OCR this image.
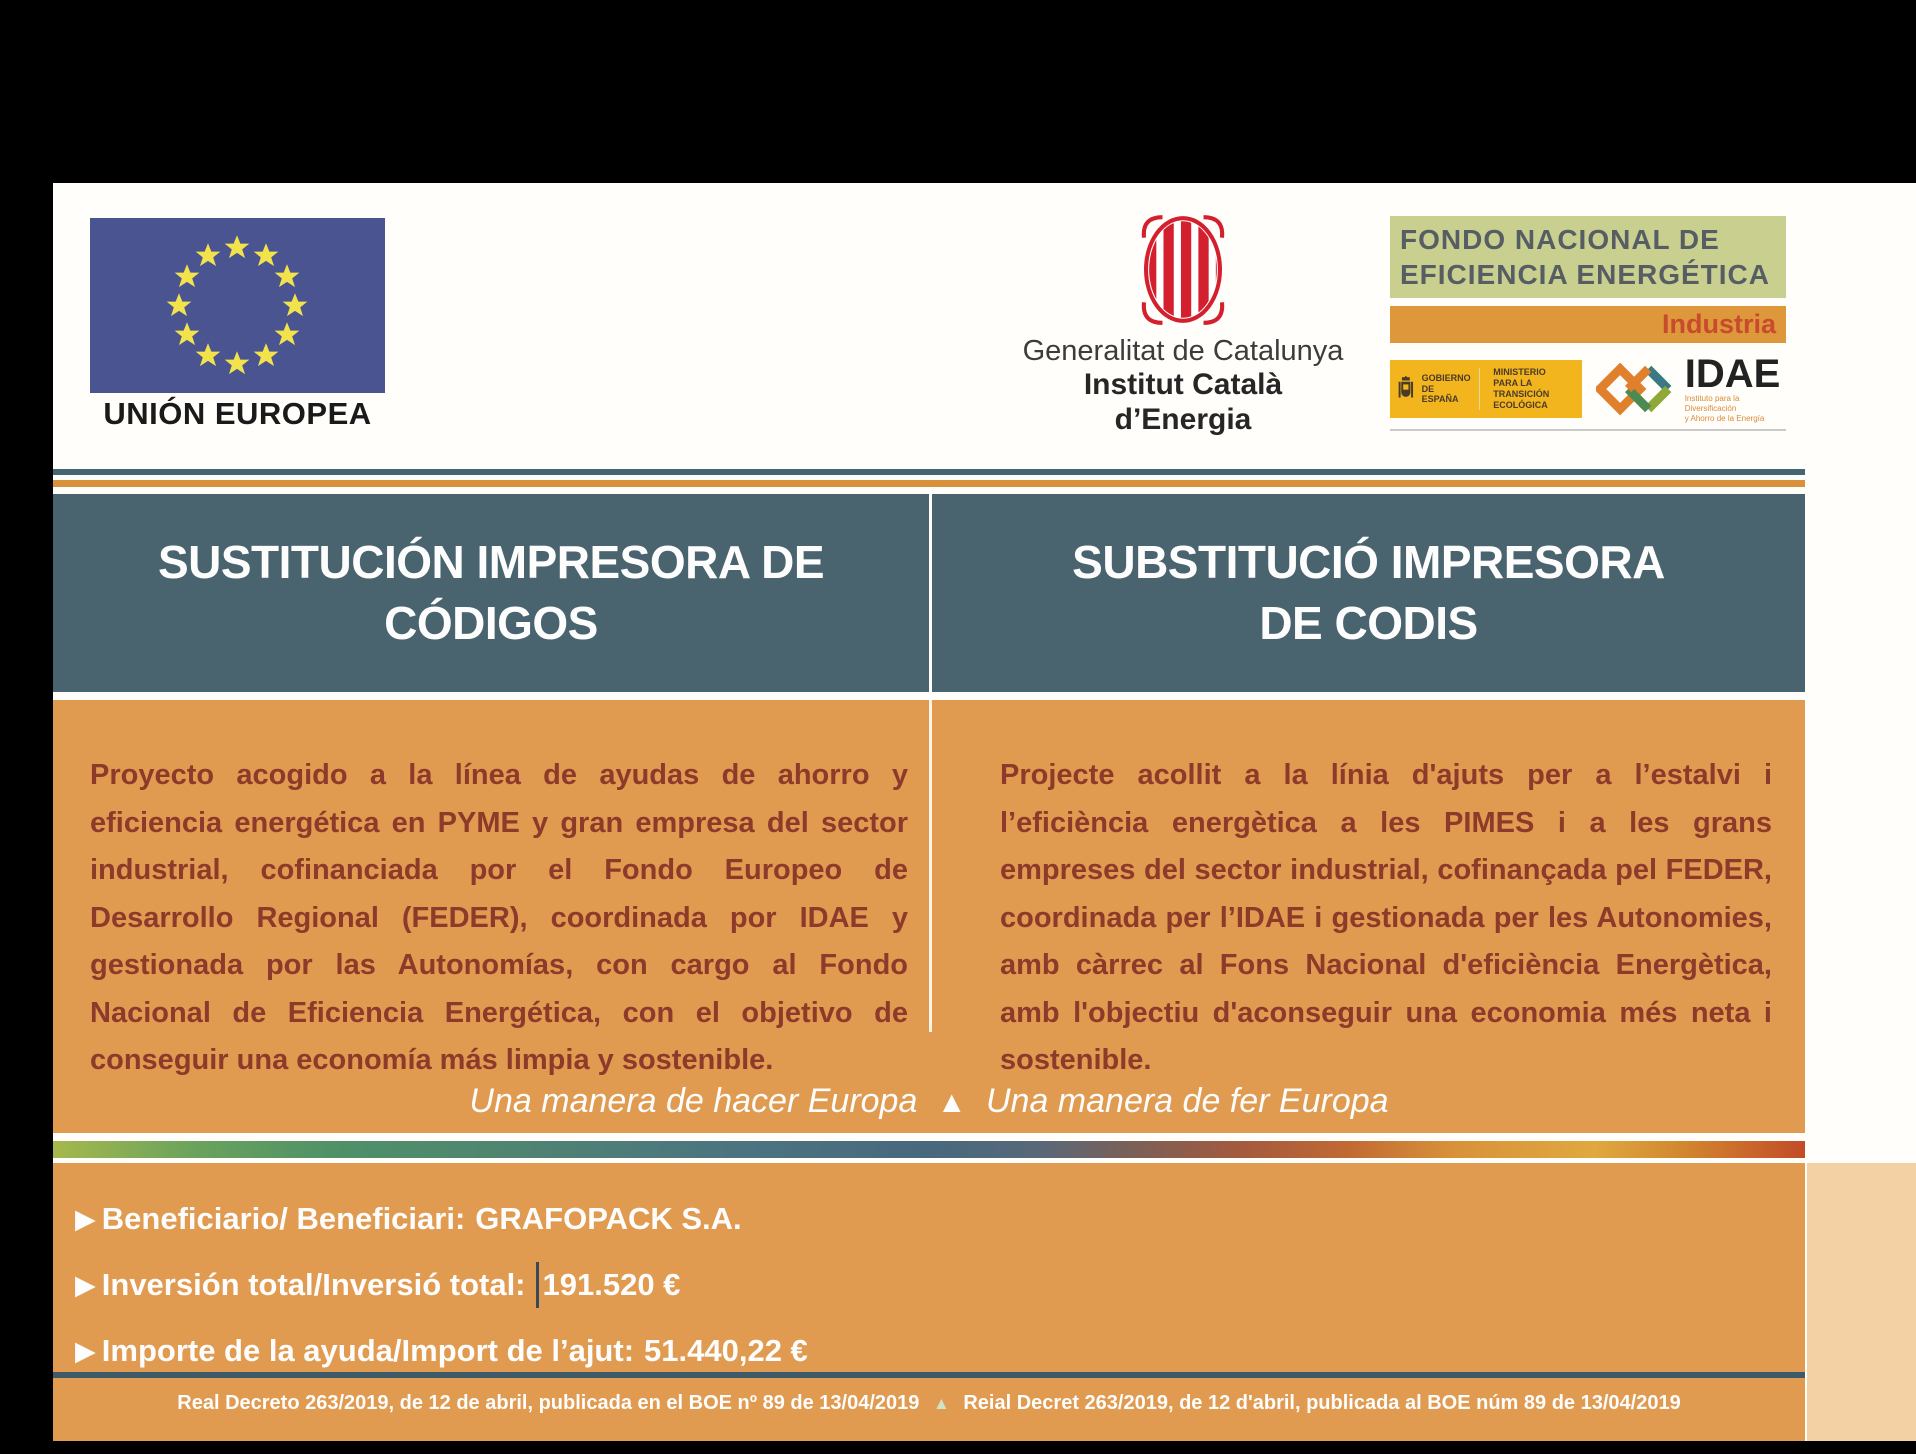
UNIÓN EUROPEA
Generalitat de Catalunya
Institut Català
d’Energia
FONDO NACIONAL DE
EFICIENCIA ENERGÉTICA
Industria
GOBIERNO
DE ESPAÑA
MINISTERIO
PARA LA TRANSICIÓN ECOLÓGICA
IDAE
Instituto para la Diversificación
y Ahorro de la Energía
SUSTITUCIÓN IMPRESORA DE
CÓDIGOS
SUBSTITUCIÓ IMPRESORA
DE CODIS
Proyecto acogido a la línea de ayudas de ahorro y eficiencia energética en PYME y gran empresa del sector industrial, cofinanciada por el Fondo Europeo de Desarrollo Regional (FEDER), coordinada por IDAE y gestionada por las Autonomías, con cargo al Fondo Nacional de Eficiencia Energética, con el objetivo de conseguir una economía más limpia y sostenible.
Projecte acollit a la línia d'ajuts per a l’estalvi i l’eficiència energètica a les PIMES i a les grans empreses del sector industrial, cofinançada pel FEDER, coordinada per l’IDAE i gestionada per les Autonomies, amb càrrec al Fons Nacional d'eficiència Energètica, amb l'objectiu d'aconseguir una economia més neta i sostenible.
Una manera de hacer Europa ▲ Una manera de fer Europa
▶ Beneficiario/ Beneficiari: GRAFOPACK S.A.
▶ Inversión total/Inversió total: 191.520 €
▶ Importe de la ayuda/Import de l’ajut: 51.440,22 €
Real Decreto 263/2019, de 12 de abril, publicada en el BOE nº 89 de 13/04/2019 ▲ Reial Decret 263/2019, de 12 d'abril, publicada al BOE núm 89 de 13/04/2019
